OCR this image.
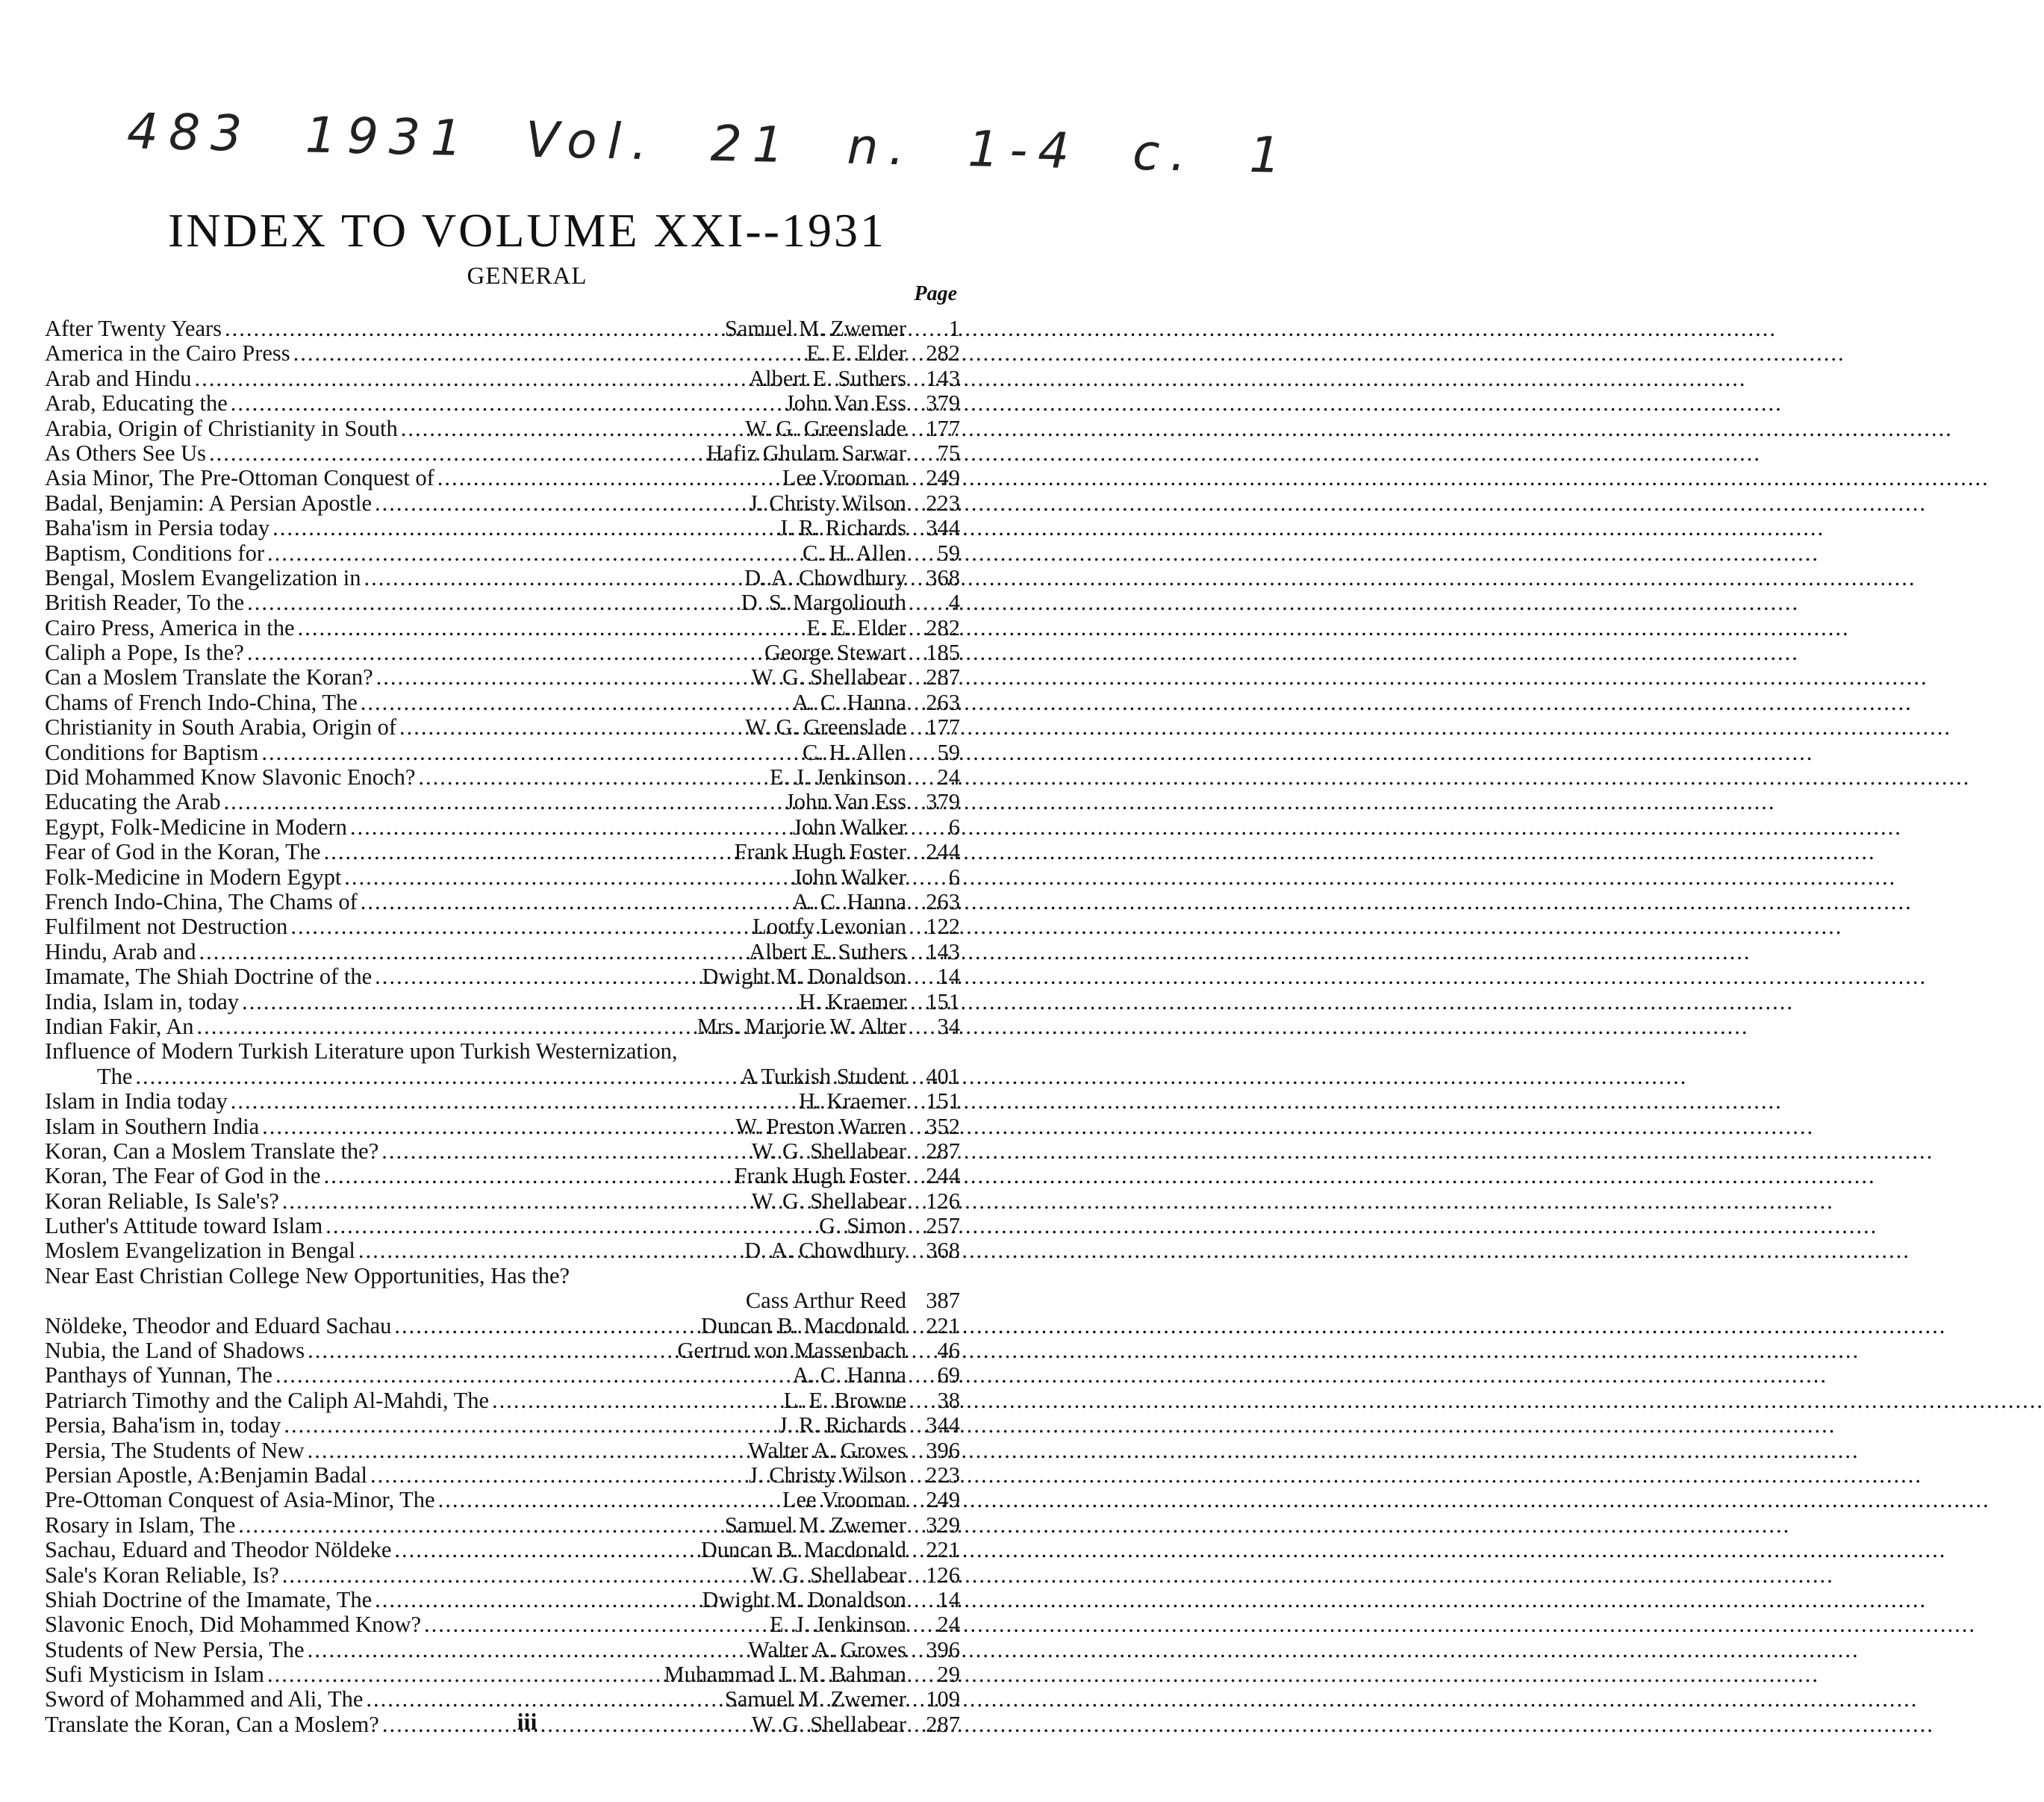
483 1931 Vol. 21 n. 1-4 c. 1
INDEX TO VOLUME XXI--1931
GENERAL
Page
After Twenty Years .....	Samuel M. Zwemer	1
America in the Cairo Press .....	E. E. Elder 282
Arab and Hindu .....	Albert E. Suthers 143
Arab, Educating the .....	John Van Ess 379
Arabia, Origin of Christianity in South .....	W. G. Greenslade 177
As Others See Us .....	Hafiz Ghulam Sarwar	75
Asia Minor, The Pre-Ottoman Conquest of .....	Lee Vrooman 249
Badal, Benjamin: A Persian Apostle .....	J. Christy Wilson 223
Baha'ism in Persia today .....	J. R. Richards 344
Baptism, Conditions for .....	C. H. Allen	59
Bengal, Moslem Evangelization in .....	D. A. Chowdhury 368
British Reader, To the .....	D. S. Margoliouth	4
Cairo Press, America in the .....	E. E. Elder 282
Caliph a Pope, Is the? .....	George Stewart 185
Can a Moslem Translate the Koran? .....	W. G. Shellabear 287
Chams of French Indo-China, The .....	A. C. Hanna 263
Christianity in South Arabia, Origin of .....	W. G. Greenslade 177
Conditions for Baptism .....	C. H. Allen	59
Did Mohammed Know Slavonic Enoch? .....	E. J. Jenkinson	24
Educating the Arab .....	John Van Ess 379
Egypt, Folk-Medicine in Modern .....	John Walker	6
Fear of God in the Koran, The .....	Frank Hugh Foster 244
Folk-Medicine in Modern Egypt .....	John Walker	6
French Indo-China, The Chams of .....	A. C. Hanna 263
Fulfilment not Destruction .....	Lootfy Levonian 122
Hindu, Arab and .....	Albert E. Suthers 143
Imamate, The Shiah Doctrine of the .....	Dwight M. Donaldson	14
India, Islam in, today .....	H. Kraemer 151
Indian Fakir, An .....	Mrs. Marjorie W. Alter	34
Influence of Modern Turkish Literature upon Turkish Westernization,
The .....	A Turkish Student 401
Islam in India today .....	H. Kraemer 151
Islam in Southern India .....	W. Preston Warren 352
Koran, Can a Moslem Translate the? .....	W. G. Shellabear 287
Koran, The Fear of God in the .....	Frank Hugh Foster 244
Koran Reliable, Is Sale's? .....	W. G. Shellabear 126
Luther's Attitude toward Islam .....	G. Simon 257
Moslem Evangelization in Bengal .....	D. A. Chowdhury 368
Near East Christian College New Opportunities, Has the?
Cass Arthur Reed 387
Nöldeke, Theodor and Eduard Sachau .....	Duncan B. Macdonald 221
Nubia, the Land of Shadows .....	Gertrud von Massenbach	46
Panthays of Yunnan, The .....	A. C. Hanna	69
Patriarch Timothy and the Caliph Al-Mahdi, The .....	L. E. Browne	38
Persia, Baha'ism in, today .....	J. R. Richards 344
Persia, The Students of New .....	Walter A. Groves 396
Persian Apostle, A:Benjamin Badal .....	J. Christy Wilson 223
Pre-Ottoman Conquest of Asia-Minor, The .....	Lee Vrooman 249
Rosary in Islam, The .....	Samuel M. Zwemer 329
Sachau, Eduard and Theodor Nöldeke .....	Duncan B. Macdonald 221
Sale's Koran Reliable, Is? .....	W. G. Shellabear 126
Shiah Doctrine of the Imamate, The .....	Dwight M. Donaldson	14
Slavonic Enoch, Did Mohammed Know? .....	E. J. Jenkinson	24
Students of New Persia, The .....	Walter A. Groves 396
Sufi Mysticism in Islam .....	Muhammad I. M. Bahman	29
Sword of Mohammed and Ali, The .....	Samuel M. Zwemer 109
Translate the Koran, Can a Moslem? .....	W. G. Shellabear 287
iii
